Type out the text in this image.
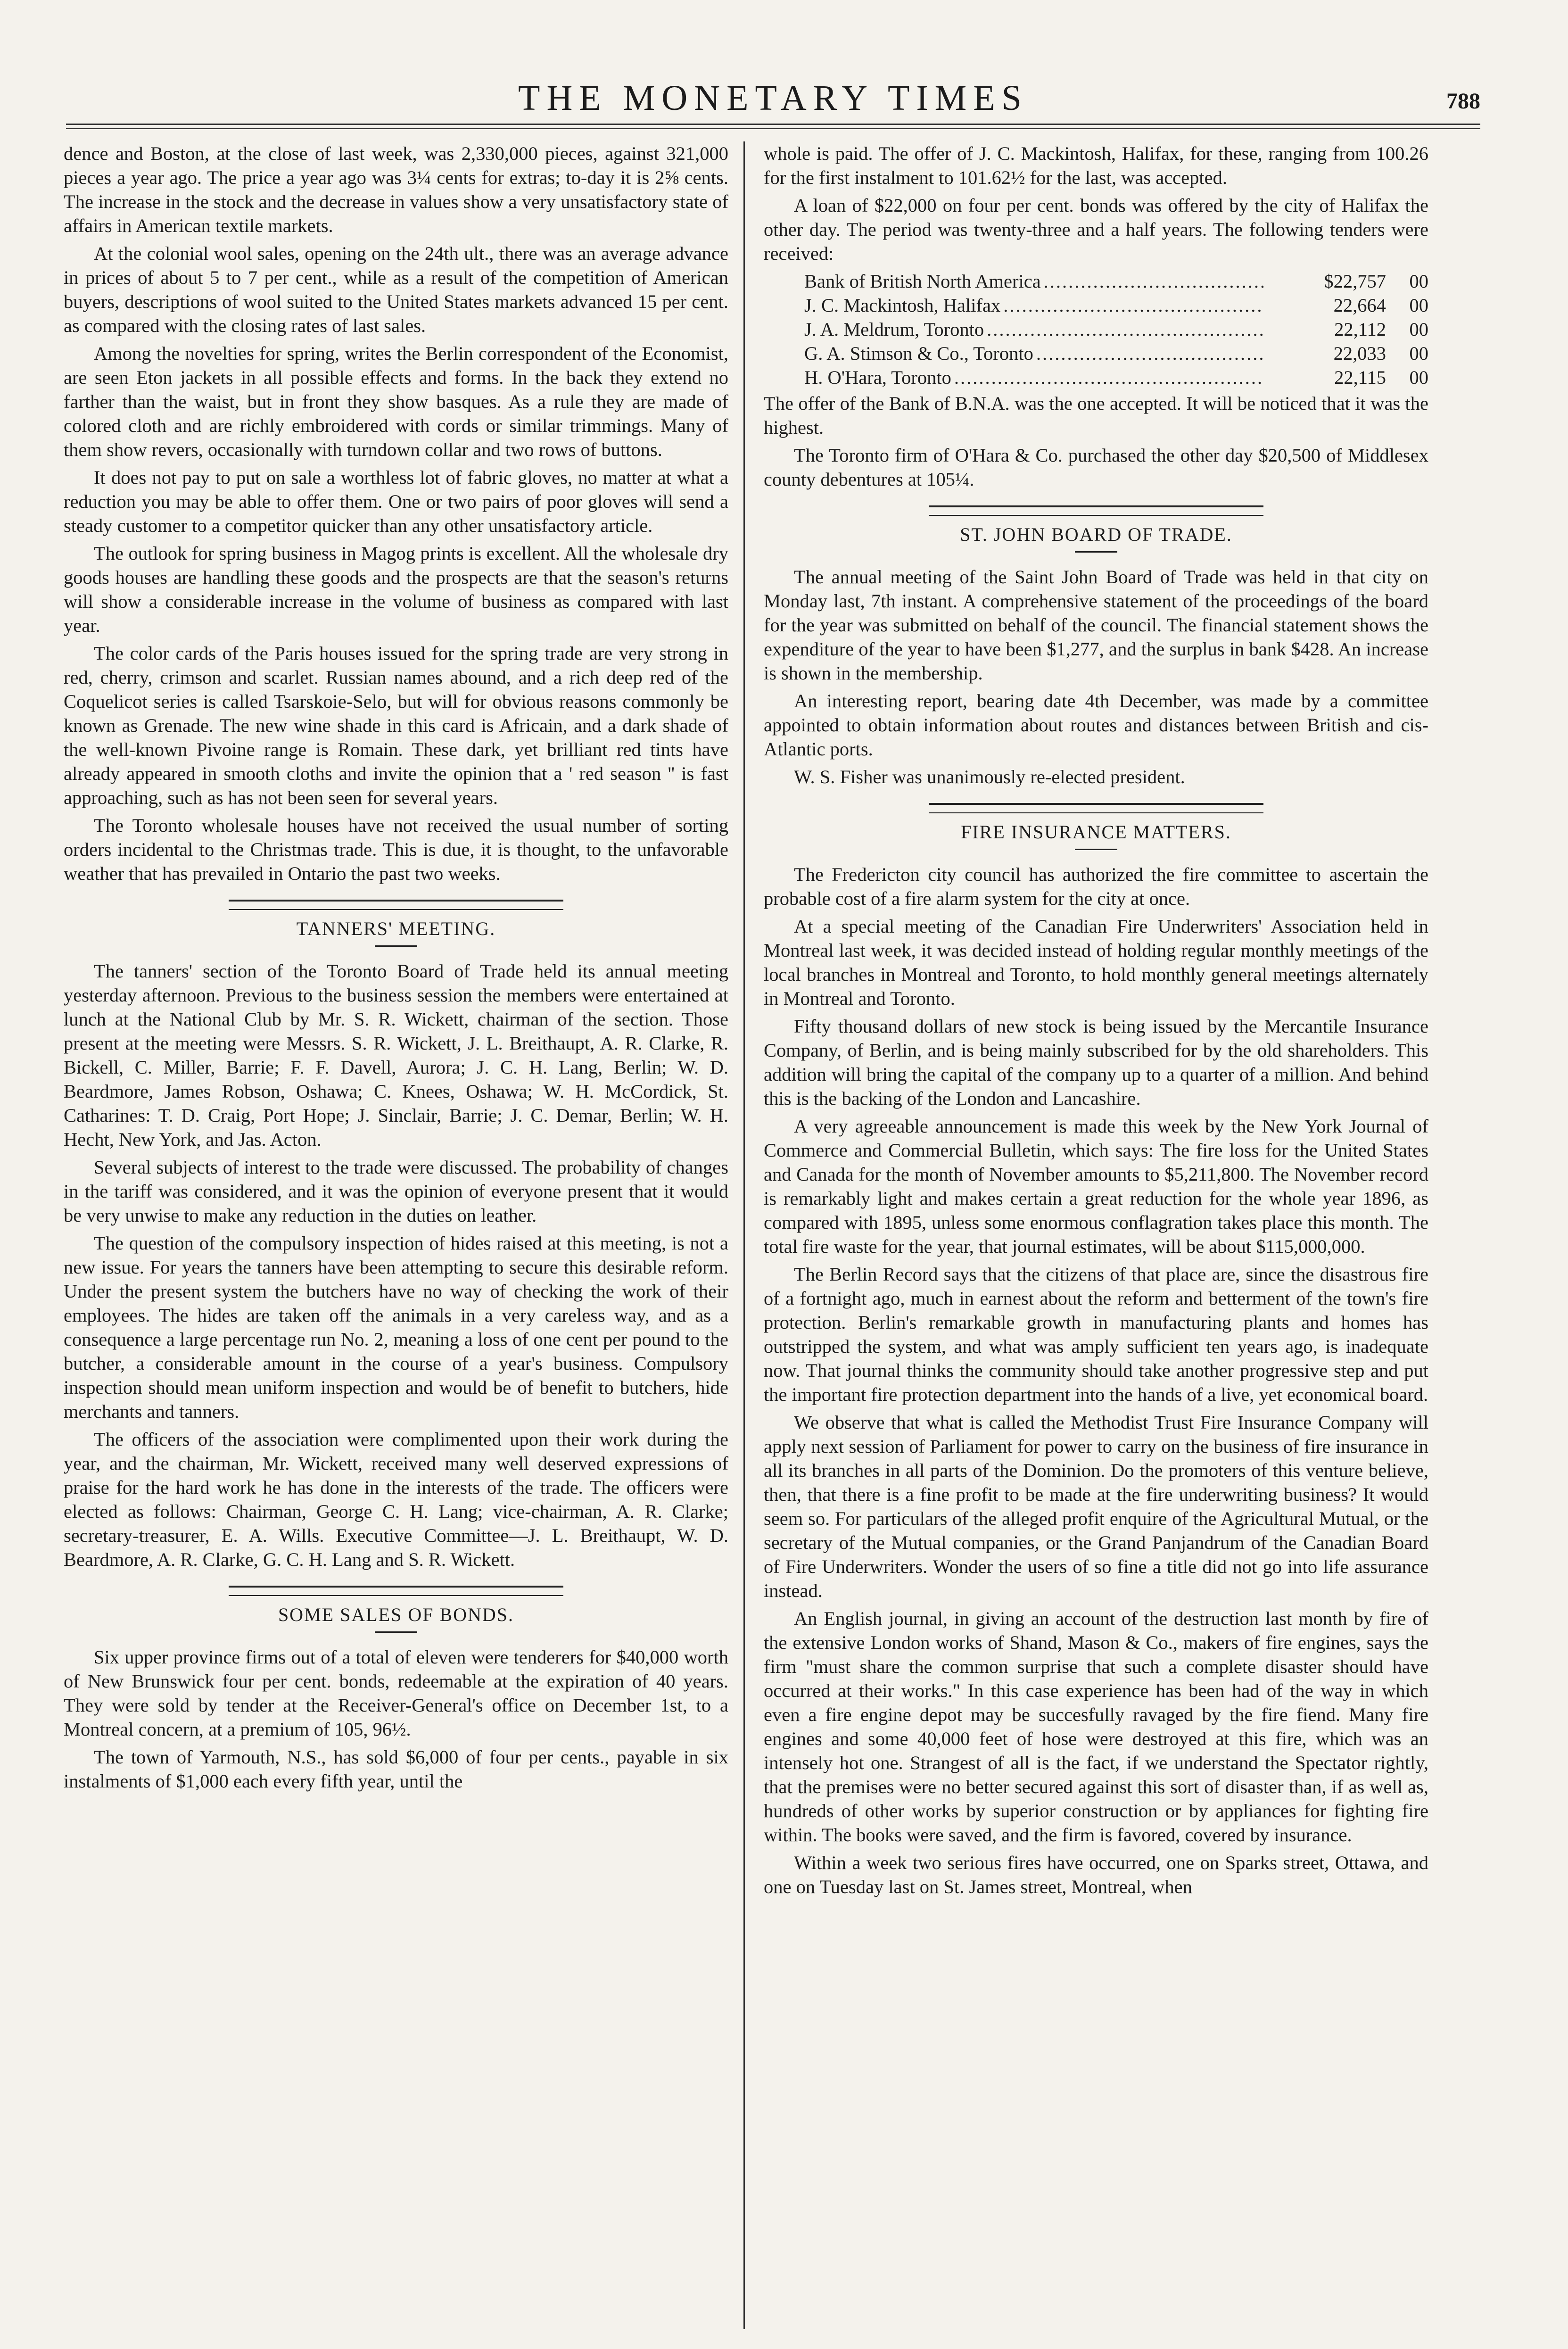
THE MONETARY TIMES	788

dence and Boston, at the close of last week, was 2,330,000 pieces, against 321,000 pieces a year ago. The price a year ago was 3¼ cents for extras; to-day it is 2⅝ cents. The increase in the stock and the decrease in values show a very unsatisfactory state of affairs in American textile markets.

At the colonial wool sales, opening on the 24th ult., there was an average advance in prices of about 5 to 7 per cent., while as a result of the competition of American buyers, descriptions of wool suited to the United States markets advanced 15 per cent. as compared with the closing rates of last sales.

Among the novelties for spring, writes the Berlin correspondent of the Economist, are seen Eton jackets in all possible effects and forms. In the back they extend no farther than the waist, but in front they show basques. As a rule they are made of colored cloth and are richly embroidered with cords or similar trimmings. Many of them show revers, occasionally with turndown collar and two rows of buttons.

It does not pay to put on sale a worthless lot of fabric gloves, no matter at what a reduction you may be able to offer them. One or two pairs of poor gloves will send a steady customer to a competitor quicker than any other unsatisfactory article.

The outlook for spring business in Magog prints is excellent. All the wholesale dry goods houses are handling these goods and the prospects are that the season's returns will show a considerable increase in the volume of business as compared with last year.

The color cards of the Paris houses issued for the spring trade are very strong in red, cherry, crimson and scarlet. Russian names abound, and a rich deep red of the Coquelicot series is called Tsarskoie-Selo, but will for obvious reasons commonly be known as Grenade. The new wine shade in this card is Africain, and a dark shade of the well-known Pivoine range is Romain. These dark, yet brilliant red tints have already appeared in smooth cloths and invite the opinion that a ' red season '' is fast approaching, such as has not been seen for several years.

The Toronto wholesale houses have not received the usual number of sorting orders incidental to the Christmas trade. This is due, it is thought, to the unfavorable weather that has prevailed in Ontario the past two weeks.

TANNERS' MEETING.

The tanners' section of the Toronto Board of Trade held its annual meeting yesterday afternoon. Previous to the business session the members were entertained at lunch at the National Club by Mr. S. R. Wickett, chairman of the section. Those present at the meeting were Messrs. S. R. Wickett, J. L. Breithaupt, A. R. Clarke, R. Bickell, C. Miller, Barrie; F. F. Davell, Aurora; J. C. H. Lang, Berlin; W. D. Beardmore, James Robson, Oshawa; C. Knees, Oshawa; W. H. McCordick, St. Catharines: T. D. Craig, Port Hope; J. Sinclair, Barrie; J. C. Demar, Berlin; W. H. Hecht, New York, and Jas. Acton.

Several subjects of interest to the trade were discussed. The probability of changes in the tariff was considered, and it was the opinion of everyone present that it would be very unwise to make any reduction in the duties on leather.

The question of the compulsory inspection of hides raised at this meeting, is not a new issue. For years the tanners have been attempting to secure this desirable reform. Under the present system the butchers have no way of checking the work of their employees. The hides are taken off the animals in a very careless way, and as a consequence a large percentage run No. 2, meaning a loss of one cent per pound to the butcher, a considerable amount in the course of a year's business. Compulsory inspection should mean uniform inspection and would be of benefit to butchers, hide merchants and tanners.

The officers of the association were complimented upon their work during the year, and the chairman, Mr. Wickett, received many well deserved expressions of praise for the hard work he has done in the interests of the trade. The officers were elected as follows: Chairman, George C. H. Lang; vice-chairman, A. R. Clarke; secretary-treasurer, E. A. Wills. Executive Committee—J. L. Breithaupt, W. D. Beardmore, A. R. Clarke, G. C. H. Lang and S. R. Wickett.

SOME SALES OF BONDS.

Six upper province firms out of a total of eleven were tenderers for $40,000 worth of New Brunswick four per cent. bonds, redeemable at the expiration of 40 years. They were sold by tender at the Receiver-General's office on December 1st, to a Montreal concern, at a premium of 105, 96½.

The town of Yarmouth, N.S., has sold $6,000 of four per cents., payable in six instalments of $1,000 each every fifth year, until the

whole is paid. The offer of J. C. Mackintosh, Halifax, for these, ranging from 100.26 for the first instalment to 101.62½ for the last, was accepted.

A loan of $22,000 on four per cent. bonds was offered by the city of Halifax the other day. The period was twenty-three and a half years. The following tenders were received:

Bank of British North America .....	$22,757	00
J. C. Mackintosh, Halifax .....	22,664	00
J. A. Meldrum, Toronto .....	22,112	00
G. A. Stimson & Co., Toronto .....	22,033	00
H. O'Hara, Toronto .....	22,115	00

The offer of the Bank of B.N.A. was the one accepted. It will be noticed that it was the highest.

The Toronto firm of O'Hara & Co. purchased the other day $20,500 of Middlesex county debentures at 105¼.

ST. JOHN BOARD OF TRADE.

The annual meeting of the Saint John Board of Trade was held in that city on Monday last, 7th instant. A comprehensive statement of the proceedings of the board for the year was submitted on behalf of the council. The financial statement shows the expenditure of the year to have been $1,277, and the surplus in bank $428. An increase is shown in the membership.

An interesting report, bearing date 4th December, was made by a committee appointed to obtain information about routes and distances between British and cis-Atlantic ports.

W. S. Fisher was unanimously re-elected president.

FIRE INSURANCE MATTERS.

The Fredericton city council has authorized the fire committee to ascertain the probable cost of a fire alarm system for the city at once.

At a special meeting of the Canadian Fire Underwriters' Association held in Montreal last week, it was decided instead of holding regular monthly meetings of the local branches in Montreal and Toronto, to hold monthly general meetings alternately in Montreal and Toronto.

Fifty thousand dollars of new stock is being issued by the Mercantile Insurance Company, of Berlin, and is being mainly subscribed for by the old shareholders. This addition will bring the capital of the company up to a quarter of a million. And behind this is the backing of the London and Lancashire.

A very agreeable announcement is made this week by the New York Journal of Commerce and Commercial Bulletin, which says: The fire loss for the United States and Canada for the month of November amounts to $5,211,800. The November record is remarkably light and makes certain a great reduction for the whole year 1896, as compared with 1895, unless some enormous conflagration takes place this month. The total fire waste for the year, that journal estimates, will be about $115,000,000.

The Berlin Record says that the citizens of that place are, since the disastrous fire of a fortnight ago, much in earnest about the reform and betterment of the town's fire protection. Berlin's remarkable growth in manufacturing plants and homes has outstripped the system, and what was amply sufficient ten years ago, is inadequate now. That journal thinks the community should take another progressive step and put the important fire protection department into the hands of a live, yet economical board.

We observe that what is called the Methodist Trust Fire Insurance Company will apply next session of Parliament for power to carry on the business of fire insurance in all its branches in all parts of the Dominion. Do the promoters of this venture believe, then, that there is a fine profit to be made at the fire underwriting business? It would seem so. For particulars of the alleged profit enquire of the Agricultural Mutual, or the secretary of the Mutual companies, or the Grand Panjandrum of the Canadian Board of Fire Underwriters. Wonder the users of so fine a title did not go into life assurance instead.

An English journal, in giving an account of the destruction last month by fire of the extensive London works of Shand, Mason & Co., makers of fire engines, says the firm "must share the common surprise that such a complete disaster should have occurred at their works." In this case experience has been had of the way in which even a fire engine depot may be succesfully ravaged by the fire fiend. Many fire engines and some 40,000 feet of hose were destroyed at this fire, which was an intensely hot one. Strangest of all is the fact, if we understand the Spectator rightly, that the premises were no better secured against this sort of disaster than, if as well as, hundreds of other works by superior construction or by appliances for fighting fire within. The books were saved, and the firm is favored, covered by insurance.

Within a week two serious fires have occurred, one on Sparks street, Ottawa, and one on Tuesday last on St. James street, Montreal, when
